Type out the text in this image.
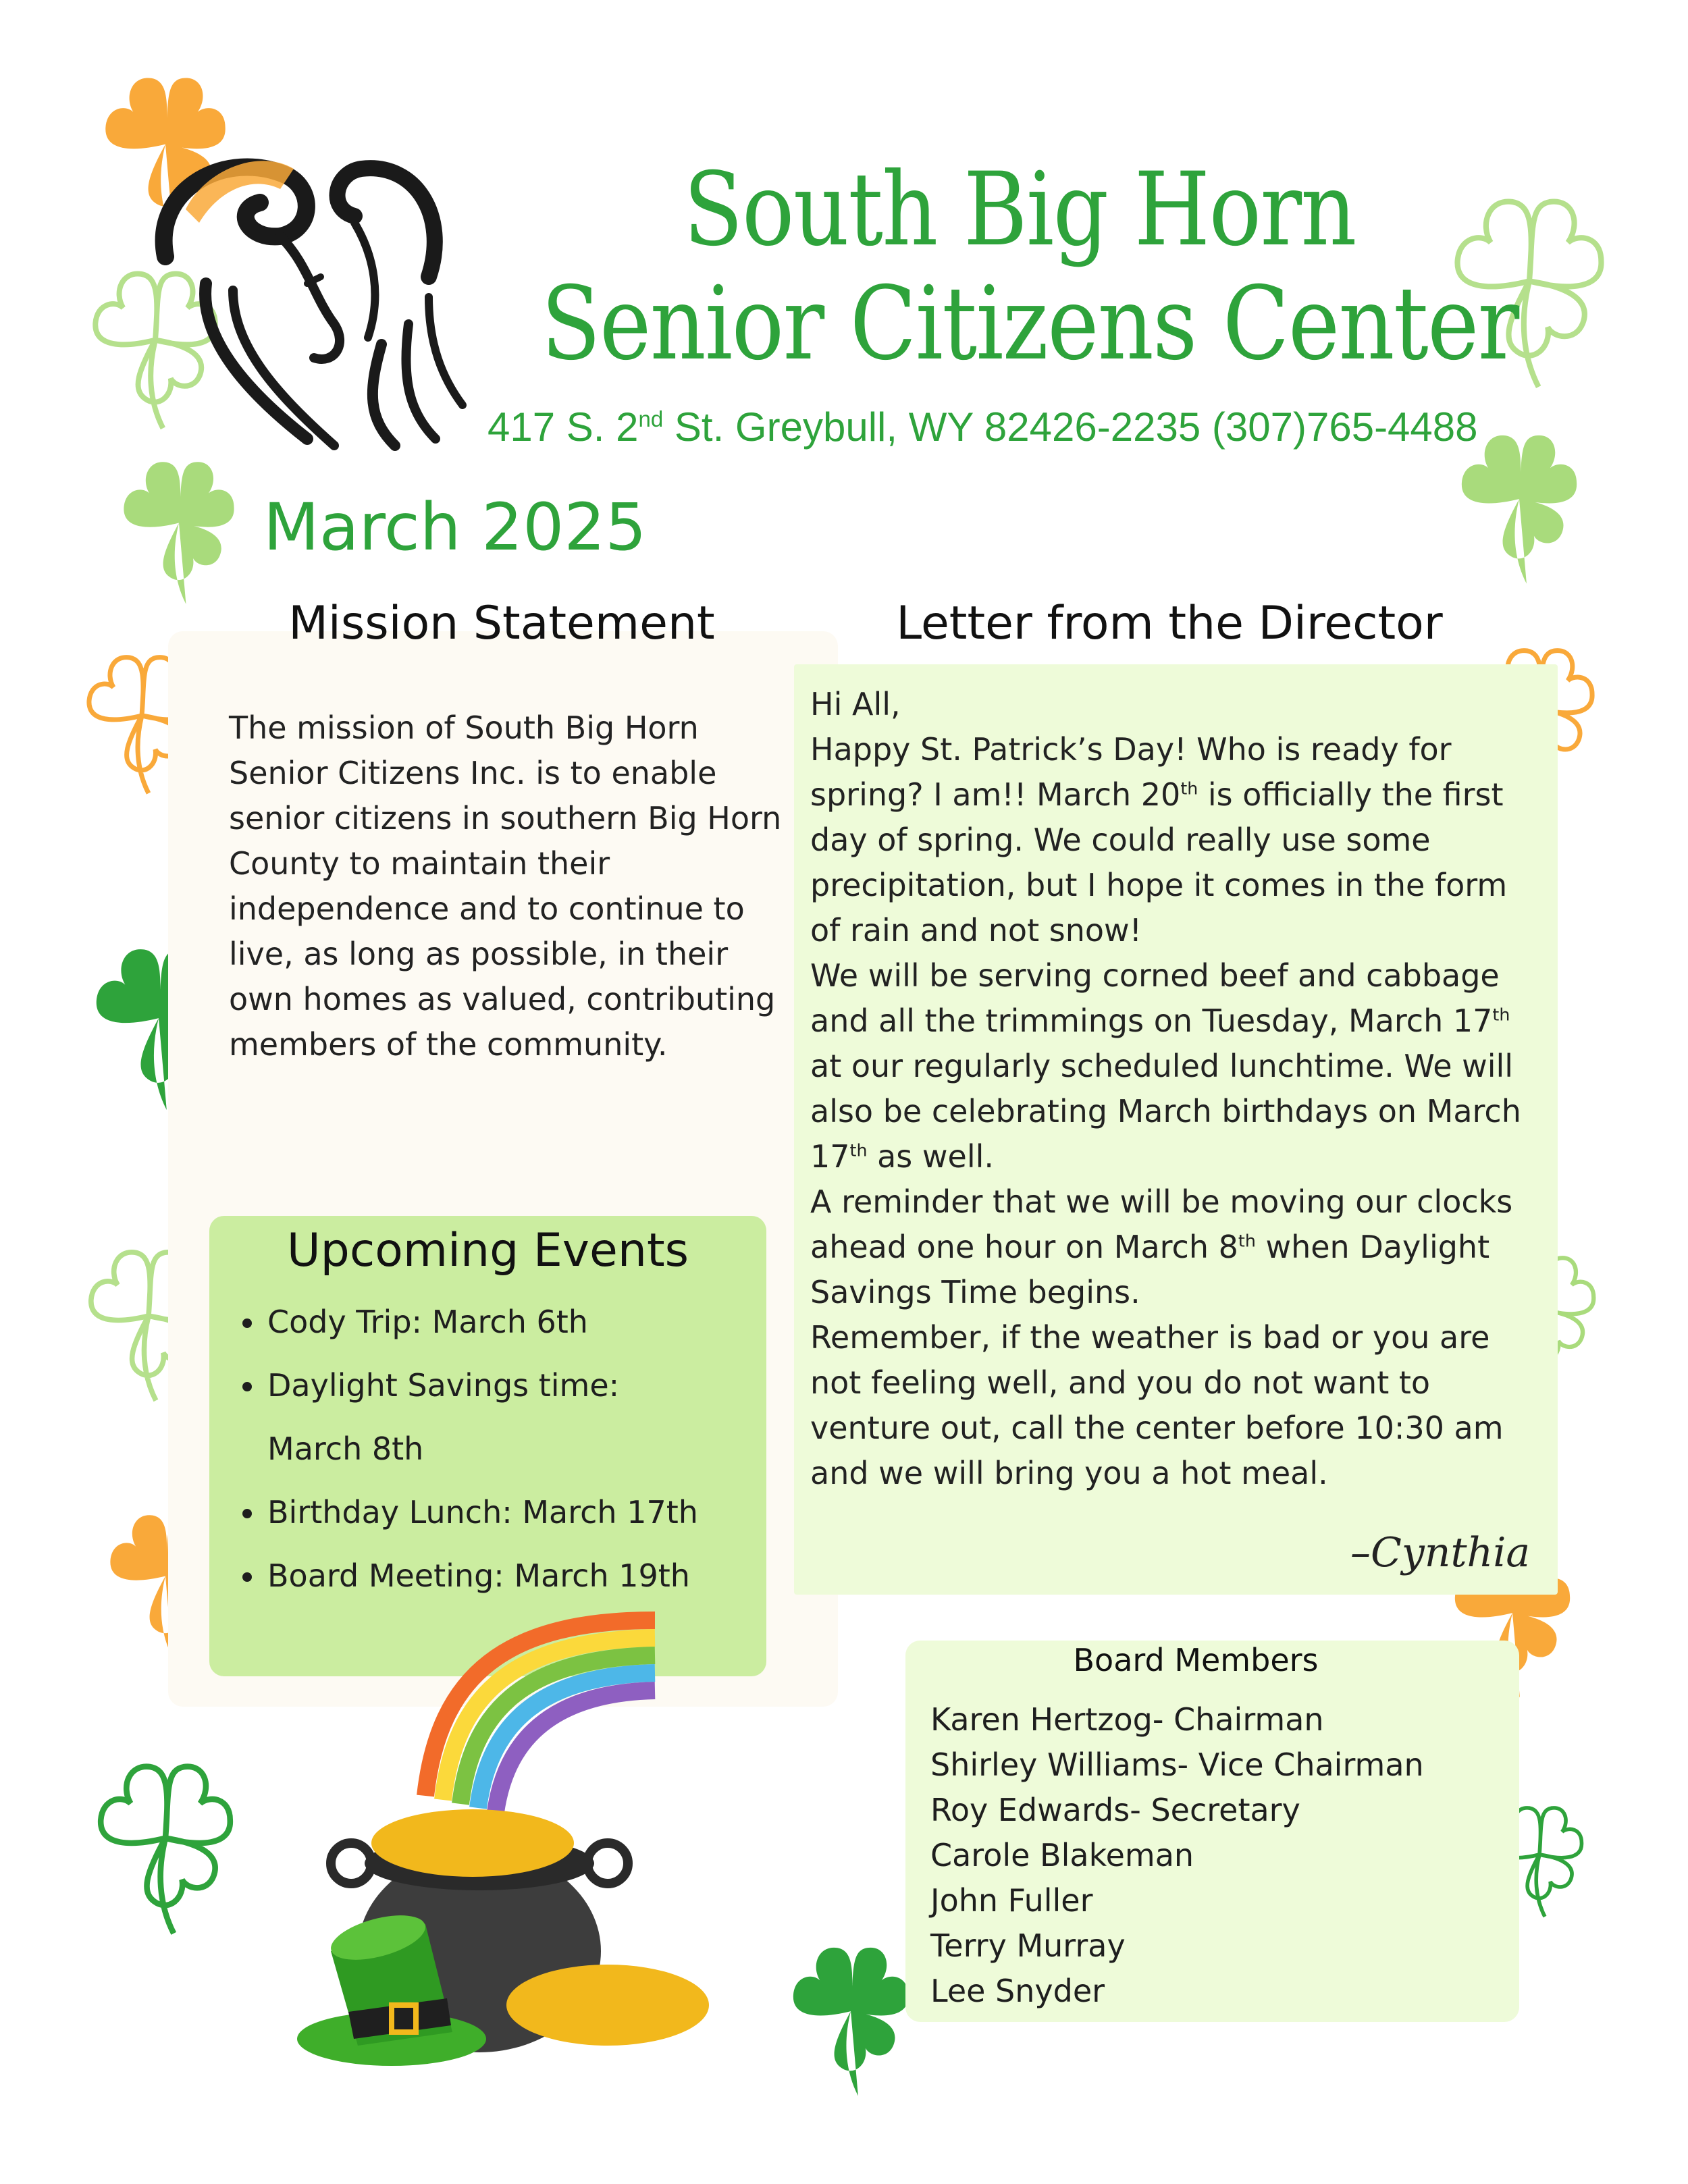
South Big Horn
Senior Citizens Center
417 S. 2nd St. Greybull, WY 82426-2235 (307)765-4488
March 2025
Mission Statement
The mission of South Big Horn Senior Citizens Inc. is to enable senior citizens in southern Big Horn County to maintain their independence and to continue to live, as long as possible, in their own homes as valued, contributing members of the community.
Letter from the Director

Hi All,

Happy St. Patrick’s Day! Who is ready for spring? I am!! March 20th is officially the first day of spring. We could really use some precipitation, but I hope it comes in the form of rain and not snow!

We will be serving corned beef and cabbage and all the trimmings on Tuesday, March 17th at our regularly scheduled lunchtime. We will also be celebrating March birthdays on March 17th as well.

A reminder that we will be moving our clocks ahead one hour on March 8th when Daylight Savings Time begins.

Remember, if the weather is bad or you are not feeling well, and you do not want to venture out, call the center before 10:30 am and we will bring you a hot meal.

–Cynthia
Upcoming Events
• Cody Trip: March 6th
• Daylight Savings time: March 8th
• Birthday Lunch: March 17th
• Board Meeting: March 19th
Board Members
Karen Hertzog- Chairman
Shirley Williams- Vice Chairman
Roy Edwards- Secretary
Carole Blakeman
John Fuller
Terry Murray
Lee Snyder
